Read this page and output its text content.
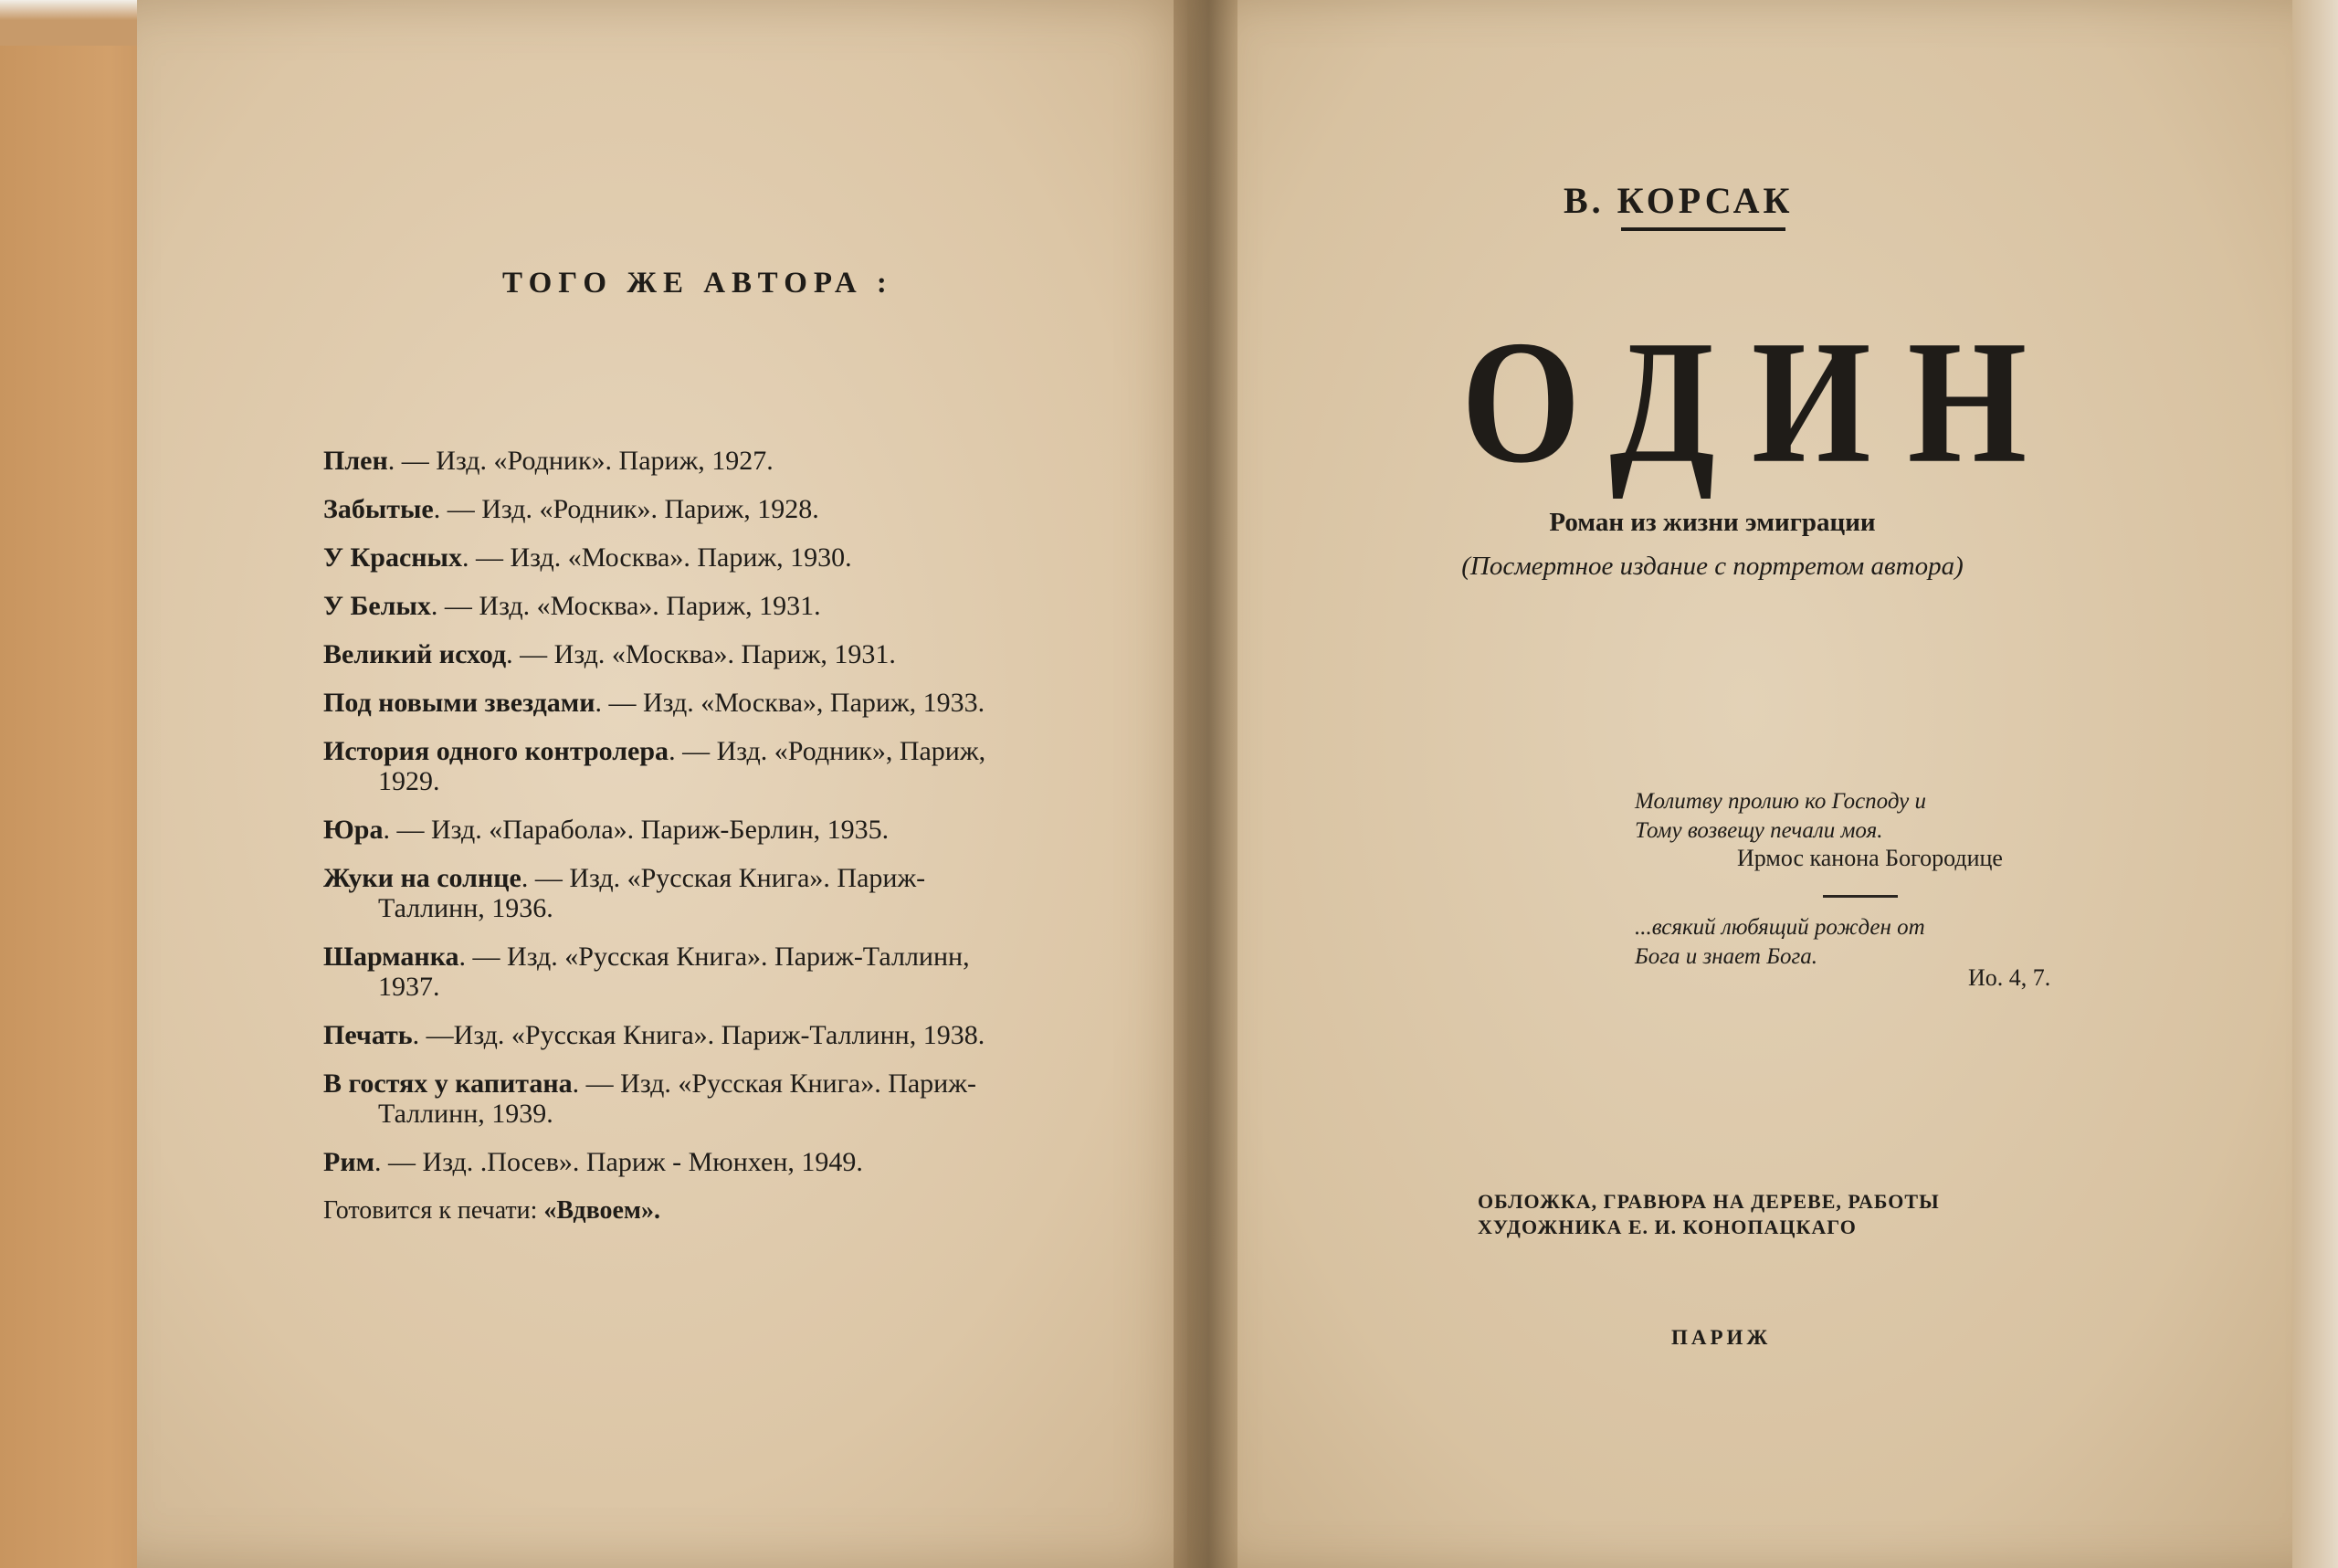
ТОГО ЖЕ АВТОРА :
Плен. — Изд. «Родник». Париж, 1927.
Забытые. — Изд. «Родник». Париж, 1928.
У Красных. — Изд. «Москва». Париж, 1930.
У Белых. — Изд. «Москва». Париж, 1931.
Великий исход. — Изд. «Москва». Париж, 1931.
Под новыми звездами. — Изд. «Москва», Париж, 1933.
История одного контролера. — Изд. «Родник», Париж,
1929.
Юра. — Изд. «Парабола». Париж-Берлин, 1935.
Жуки на солнце. — Изд. «Русская Книга». Париж-
Таллинн, 1936.
Шарманка. — Изд. «Русская Книга». Париж-Таллинн,
1937.
Печать. —Изд. «Русская Книга». Париж-Таллинн, 1938.
В гостях у капитана. — Изд. «Русская Книга». Париж-
Таллинн, 1939.
Рим. — Изд. .Посев». Париж - Мюнхен, 1949.
Готовится к печати: «Вдвоем».
В. КОРСАК
ОДИН
Роман из жизни эмиграции
(Посмертное издание с портретом автора)
Молитву пролию ко Господу и
Тому возвещу печали моя.
Ирмос канона Богородице
...всякий любящий рожден от
Бога и знает Бога.
Ио. 4, 7.
ОБЛОЖКА, ГРАВЮРА НА ДЕРЕВЕ, РАБОТЫ
ХУДОЖНИКА Е. И. КОНОПАЦКАГО
ПАРИЖ
